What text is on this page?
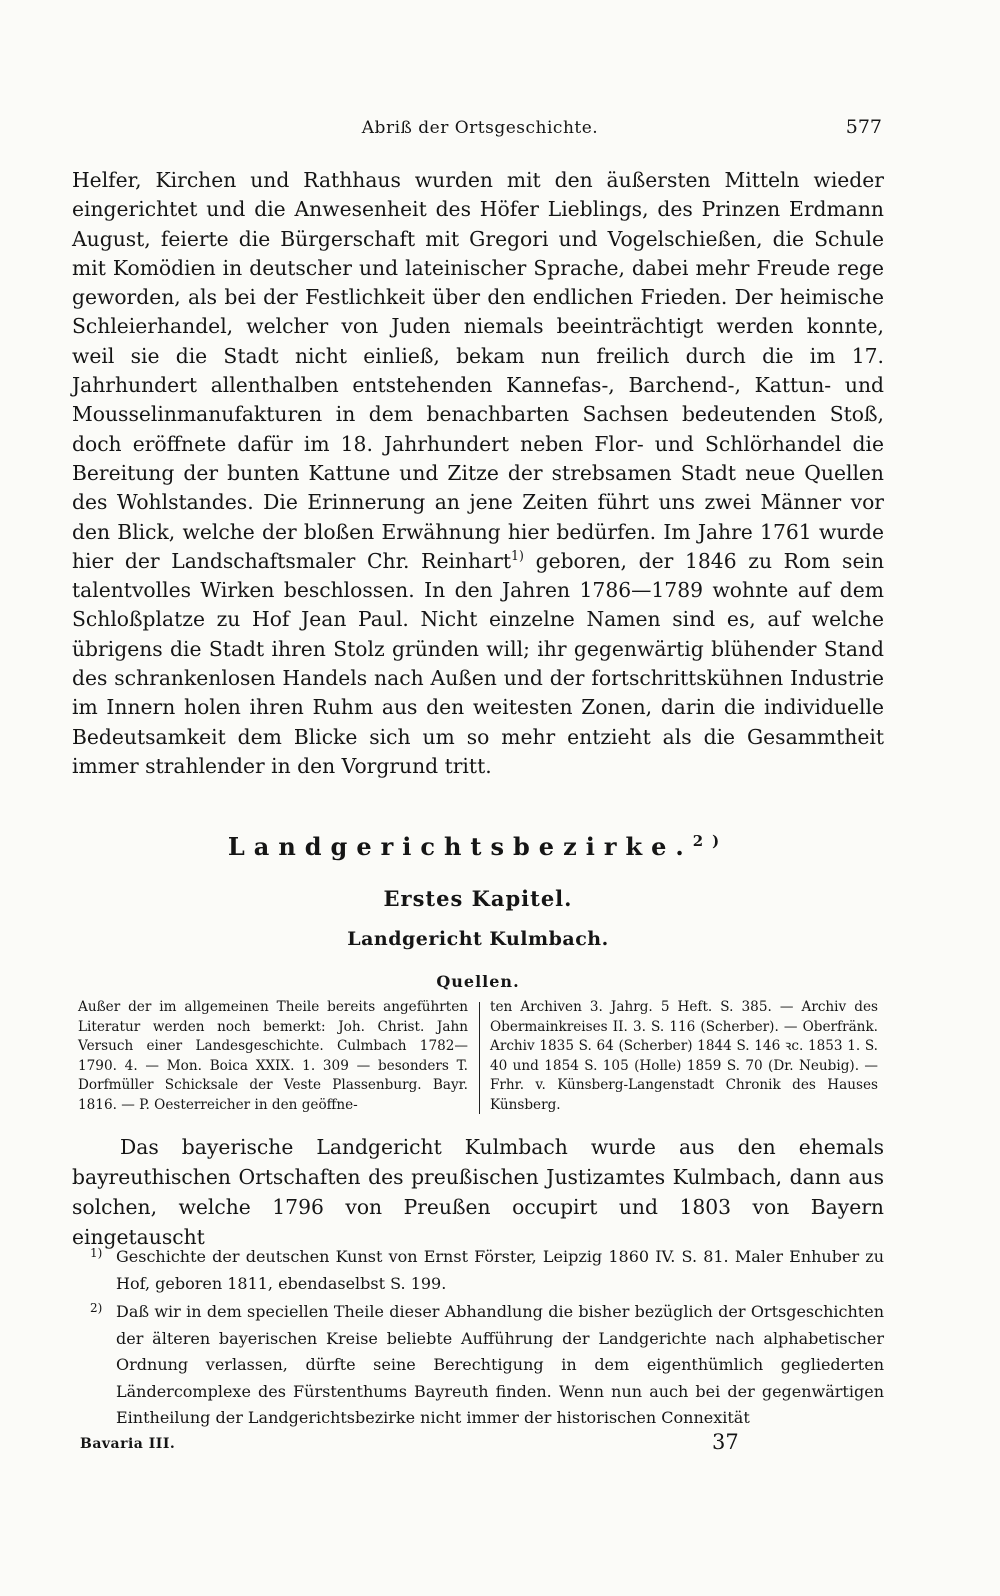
Abriß der Ortsgeschichte.	577

Helfer, Kirchen und Rathhaus wurden mit den äußersten Mitteln wieder eingerichtet und die Anwesenheit des Höfer Lieblings, des Prinzen Erdmann August, feierte die Bürgerschaft mit Gregori und Vogelschießen, die Schule mit Komödien in deutscher und lateinischer Sprache, dabei mehr Freude rege geworden, als bei der Festlichkeit über den endlichen Frieden. Der heimische Schleierhandel, welcher von Juden niemals beeinträchtigt werden konnte, weil sie die Stadt nicht einließ, bekam nun freilich durch die im 17. Jahrhundert allenthalben entstehenden Kannefas-, Barchend-, Kattun- und Mousselinmanufakturen in dem benachbarten Sachsen bedeutenden Stoß, doch eröffnete dafür im 18. Jahrhundert neben Flor- und Schlörhandel die Bereitung der bunten Kattune und Zitze der strebsamen Stadt neue Quellen des Wohlstandes. Die Erinnerung an jene Zeiten führt uns zwei Männer vor den Blick, welche der bloßen Erwähnung hier bedürfen. Im Jahre 1761 wurde hier der Landschaftsmaler Chr. Reinhart$^{1)}$ geboren, der 1846 zu Rom sein talentvolles Wirken beschlossen. In den Jahren 1786—1789 wohnte auf dem Schloßplatze zu Hof Jean Paul. Nicht einzelne Namen sind es, auf welche übrigens die Stadt ihren Stolz gründen will; ihr gegenwärtig blühender Stand des schrankenlosen Handels nach Außen und der fortschrittskühnen Industrie im Innern holen ihren Ruhm aus den weitesten Zonen, darin die individuelle Bedeutsamkeit dem Blicke sich um so mehr entzieht als die Gesammtheit immer strahlender in den Vorgrund tritt.

Landgerichtsbezirke.$^{2)}$
Erstes Kapitel.
Landgericht Kulmbach.
Quellen.
Außer der im allgemeinen Theile bereits angeführten Literatur werden noch bemerkt: Joh. Christ. Jahn Versuch einer Landesgeschichte. Culmbach 1782—1790. 4. — Mon. Boica XXIX. 1. 309 — besonders T. Dorfmüller Schicksale der Veste Plassenburg. Bayr. 1816. — P. Oesterreicher in den geöffne-
ten Archiven 3. Jahrg. 5 Heft. S. 385. — Archiv des Obermainkreises II. 3. S. 116 (Scherber). — Oberfränk. Archiv 1835 S. 64 (Scherber) 1844 S. 146 ꝛc. 1853 1. S. 40 und 1854 S. 105 (Holle) 1859 S. 70 (Dr. Neubig). — Frhr. v. Künsberg-Langenstadt Chronik des Hauses Künsberg.

Das bayerische Landgericht Kulmbach wurde aus den ehemals bayreuthischen Ortschaften des preußischen Justizamtes Kulmbach, dann aus solchen, welche 1796 von Preußen occupirt und 1803 von Bayern eingetauscht

1) Geschichte der deutschen Kunst von Ernst Förster, Leipzig 1860 IV. S. 81. Maler Enhuber zu Hof, geboren 1811, ebendaselbst S. 199.

2) Daß wir in dem speciellen Theile dieser Abhandlung die bisher bezüglich der Ortsgeschichten der älteren bayerischen Kreise beliebte Aufführung der Landgerichte nach alphabetischer Ordnung verlassen, dürfte seine Berechtigung in dem eigenthümlich gegliederten Ländercomplexe des Fürstenthums Bayreuth finden. Wenn nun auch bei der gegenwärtigen Eintheilung der Landgerichtsbezirke nicht immer der historischen Connexität

Bavaria III.	37
